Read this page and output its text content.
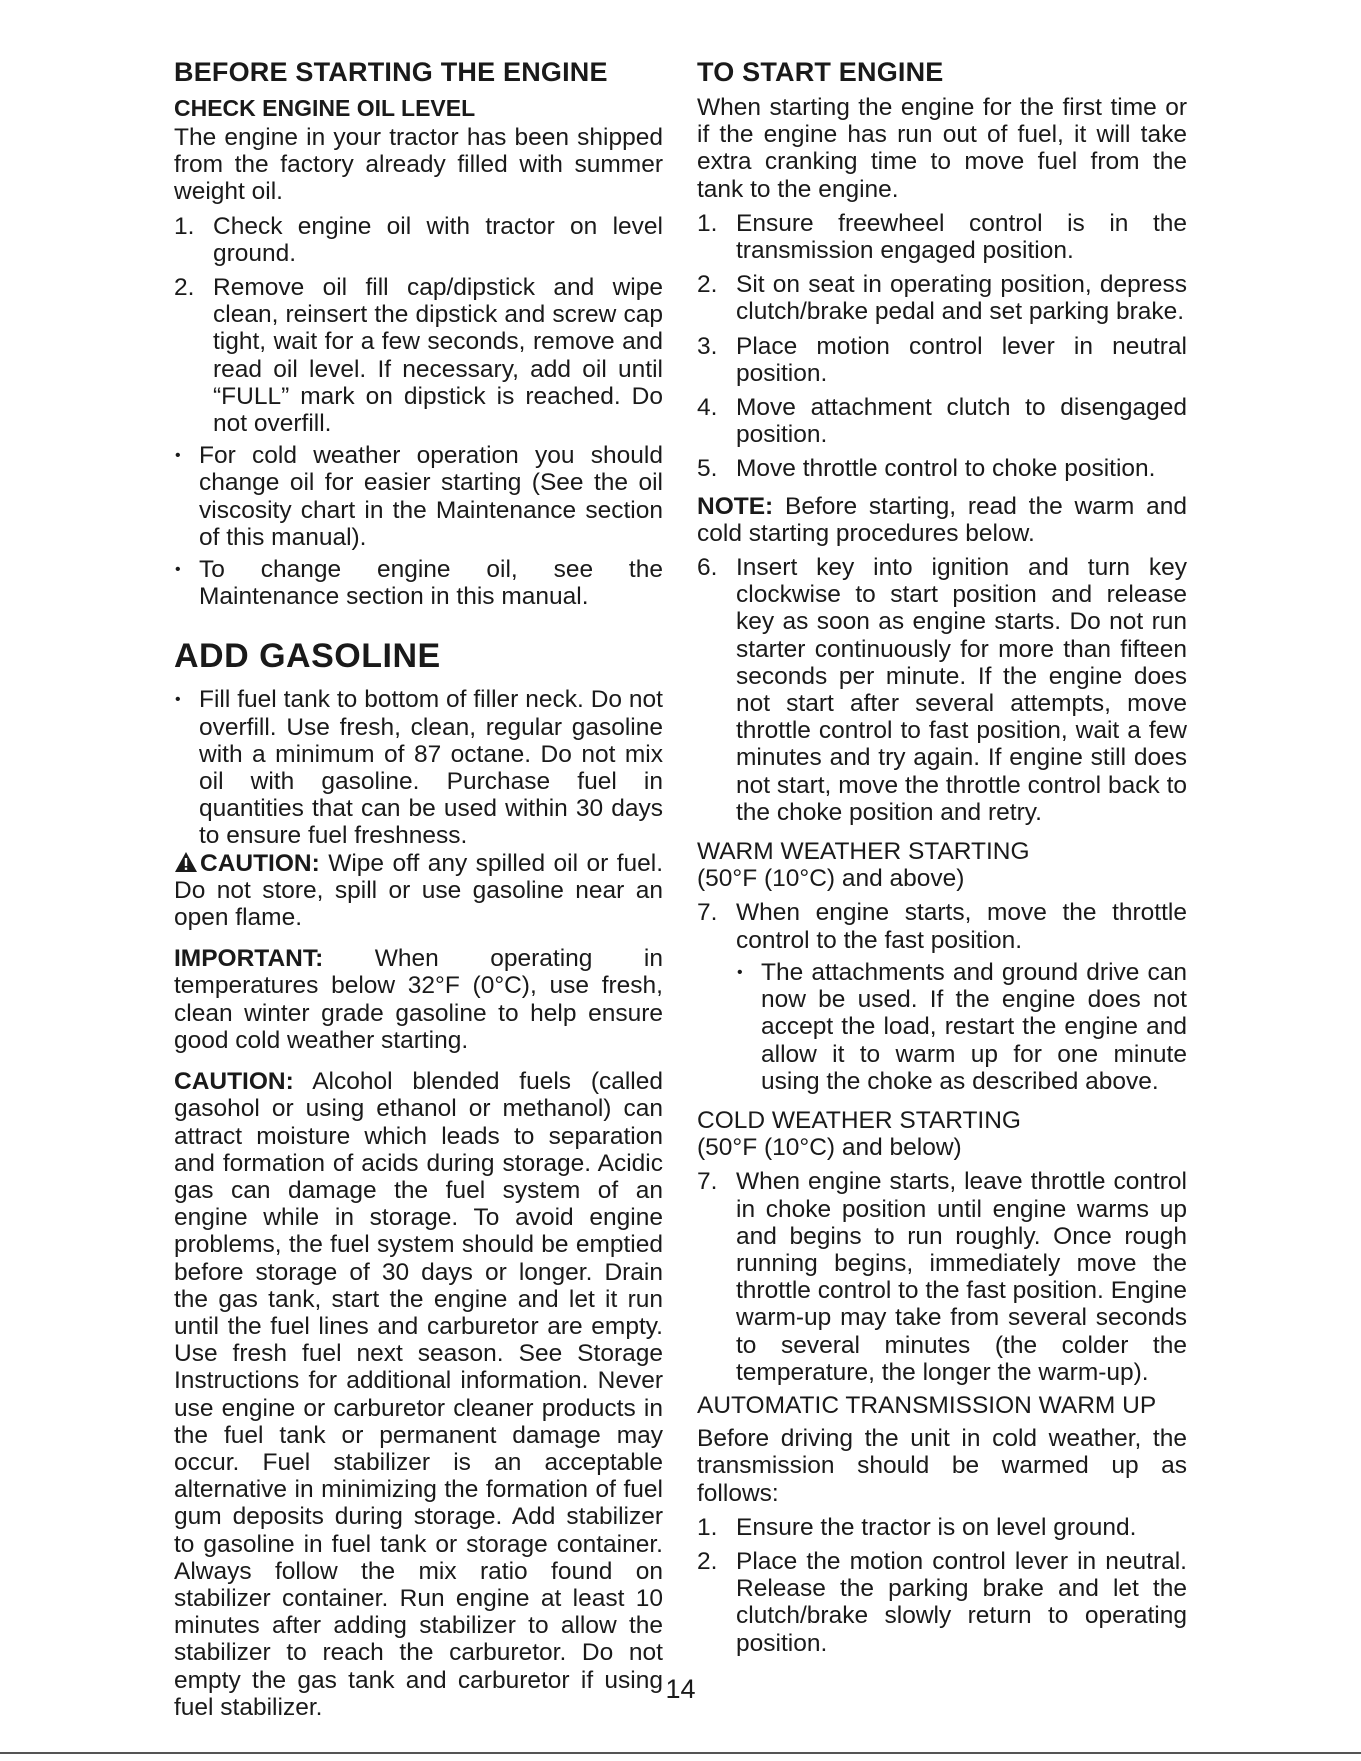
BEFORE STARTING THE ENGINE
CHECK ENGINE OIL LEVEL

The engine in your tractor has been shipped from the factory already filled with summer weight oil.

1. Check engine oil with tractor on level ground.
2. Remove oil fill cap/dipstick and wipe clean, reinsert the dipstick and screw cap tight, wait for a few seconds, remove and read oil level. If necessary, add oil until “FULL” mark on dipstick is reached. Do not overfill.
• For cold weather operation you should change oil for easier starting (See the oil viscosity chart in the Maintenance section of this manual).
• To change engine oil, see the Maintenance section in this manual.
ADD GASOLINE
• Fill fuel tank to bottom of filler neck. Do not overfill. Use fresh, clean, regular gasoline with a minimum of 87 octane. Do not mix oil with gasoline. Purchase fuel in quantities that can be used within 30 days to ensure fuel freshness.

CAUTION: Wipe off any spilled oil or fuel. Do not store, spill or use gasoline near an open flame.

IMPORTANT: When operating in temperatures below 32°F (0°C), use fresh, clean winter grade gasoline to help ensure good cold weather starting.

CAUTION: Alcohol blended fuels (called gasohol or using ethanol or methanol) can attract moisture which leads to separation and formation of acids during storage. Acidic gas can damage the fuel system of an engine while in storage. To avoid engine problems, the fuel system should be emptied before storage of 30 days or longer. Drain the gas tank, start the engine and let it run until the fuel lines and carburetor are empty. Use fresh fuel next season. See Storage Instructions for additional information. Never use engine or carburetor cleaner products in the fuel tank or permanent damage may occur. Fuel stabilizer is an acceptable alternative in minimizing the formation of fuel gum deposits during storage. Add stabilizer to gasoline in fuel tank or storage container. Always follow the mix ratio found on stabilizer container. Run engine at least 10 minutes after adding stabilizer to allow the stabilizer to reach the carburetor. Do not empty the gas tank and carburetor if using fuel stabilizer.

TO START ENGINE

When starting the engine for the first time or if the engine has run out of fuel, it will take extra cranking time to move fuel from the tank to the engine.

1. Ensure freewheel control is in the transmission engaged position.
2. Sit on seat in operating position, depress clutch/brake pedal and set parking brake.
3. Place motion control lever in neutral position.
4. Move attachment clutch to disengaged position.
5. Move throttle control to choke position.

NOTE: Before starting, read the warm and cold starting procedures below.

6. Insert key into ignition and turn key clockwise to start position and release key as soon as engine starts. Do not run starter continuously for more than fifteen seconds per minute. If the engine does not start after several attempts, move throttle control to fast position, wait a few minutes and try again. If engine still does not start, move the throttle control back to the choke position and retry.

WARM WEATHER STARTING

(50°F (10°C) and above)

7. When engine starts, move the throttle control to the fast position.
• The attachments and ground drive can now be used. If the engine does not accept the load, restart the engine and allow it to warm up for one minute using the choke as described above.

COLD WEATHER STARTING

(50°F (10°C) and below)

7. When engine starts, leave throttle control in choke position until engine warms up and begins to run roughly. Once rough running begins, immediately move the throttle control to the fast position. Engine warm-up may take from several seconds to several minutes (the colder the temperature, the longer the warm-up).

AUTOMATIC TRANSMISSION WARM UP

Before driving the unit in cold weather, the transmission should be warmed up as follows:

1. Ensure the tractor is on level ground.
2. Place the motion control lever in neutral. Release the parking brake and let the clutch/brake slowly return to operating position.
14
